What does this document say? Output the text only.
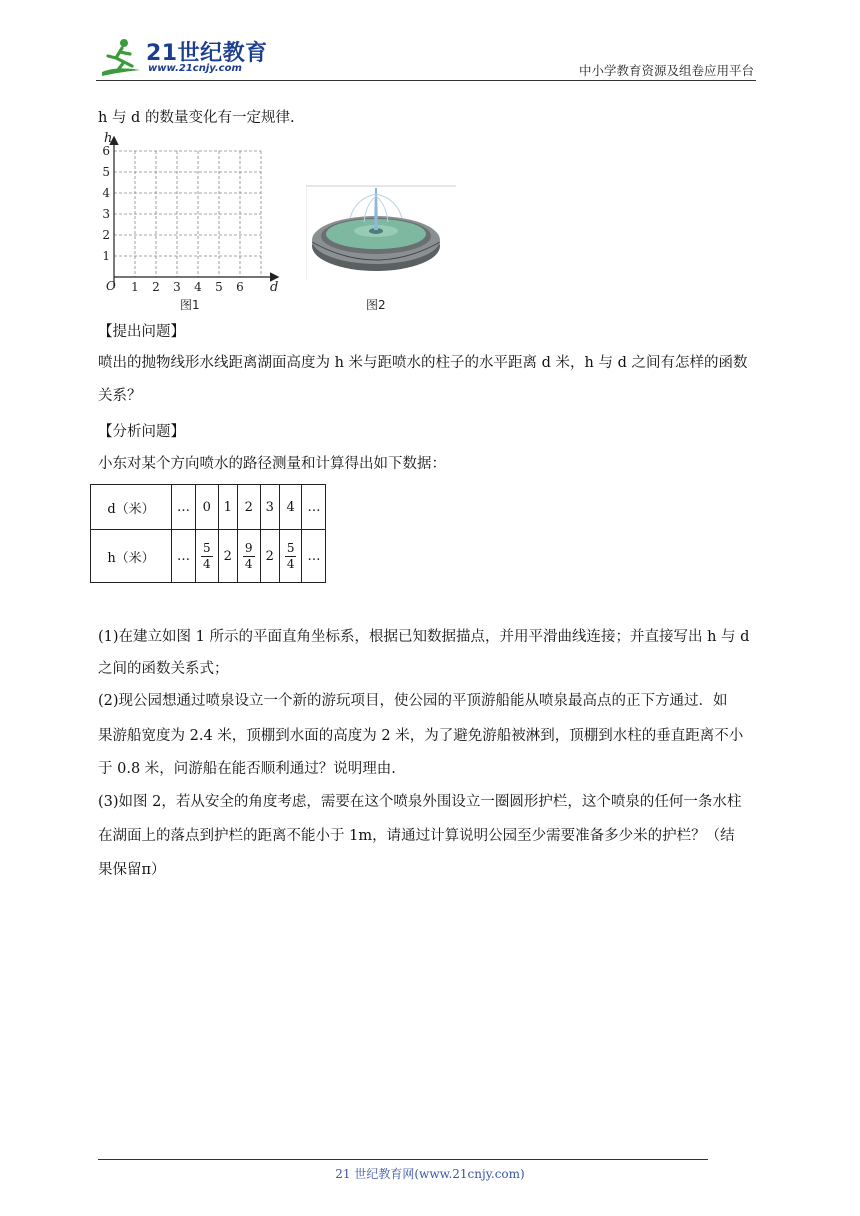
21世纪教育
www.21cnjy.com	中小学教育资源及组卷应用平台
h 与 d 的数量变化有一定规律.
1 2 3 4 5 6
1
2
3
4
5
6
O	d
h
图1	图2
【提出问题】
喷出的抛物线形水线距离湖面高度为 h 米与距喷水的柱子的水平距离 d 米，h 与 d 之间有怎样的函数
关系？
【分析问题】
小东对某个方向喷水的路径测量和计算得出如下数据：
d（米）	…	0	1	2	3	4	…
h（米）	…	$\frac{5}{4}$	2	$\frac{9}{4}$	2	$\frac{5}{4}$	…
(1)在建立如图 1 所示的平面直角坐标系，根据已知数据描点，并用平滑曲线连接；并直接写出 h 与 d
之间的函数关系式；
(2)现公园想通过喷泉设立一个新的游玩项目，使公园的平顶游船能从喷泉最高点的正下方通过．如
果游船宽度为 2.4 米，顶棚到水面的高度为 2 米，为了避免游船被淋到，顶棚到水柱的垂直距离不小
于 0.8 米，问游船在能否顺利通过？说明理由.
(3)如图 2，若从安全的角度考虑，需要在这个喷泉外围设立一圈圆形护栏，这个喷泉的任何一条水柱
在湖面上的落点到护栏的距离不能小于 1m，请通过计算说明公园至少需要准备多少米的护栏？（结
果保留π）
21 世纪教育网(www.21cnjy.com)
